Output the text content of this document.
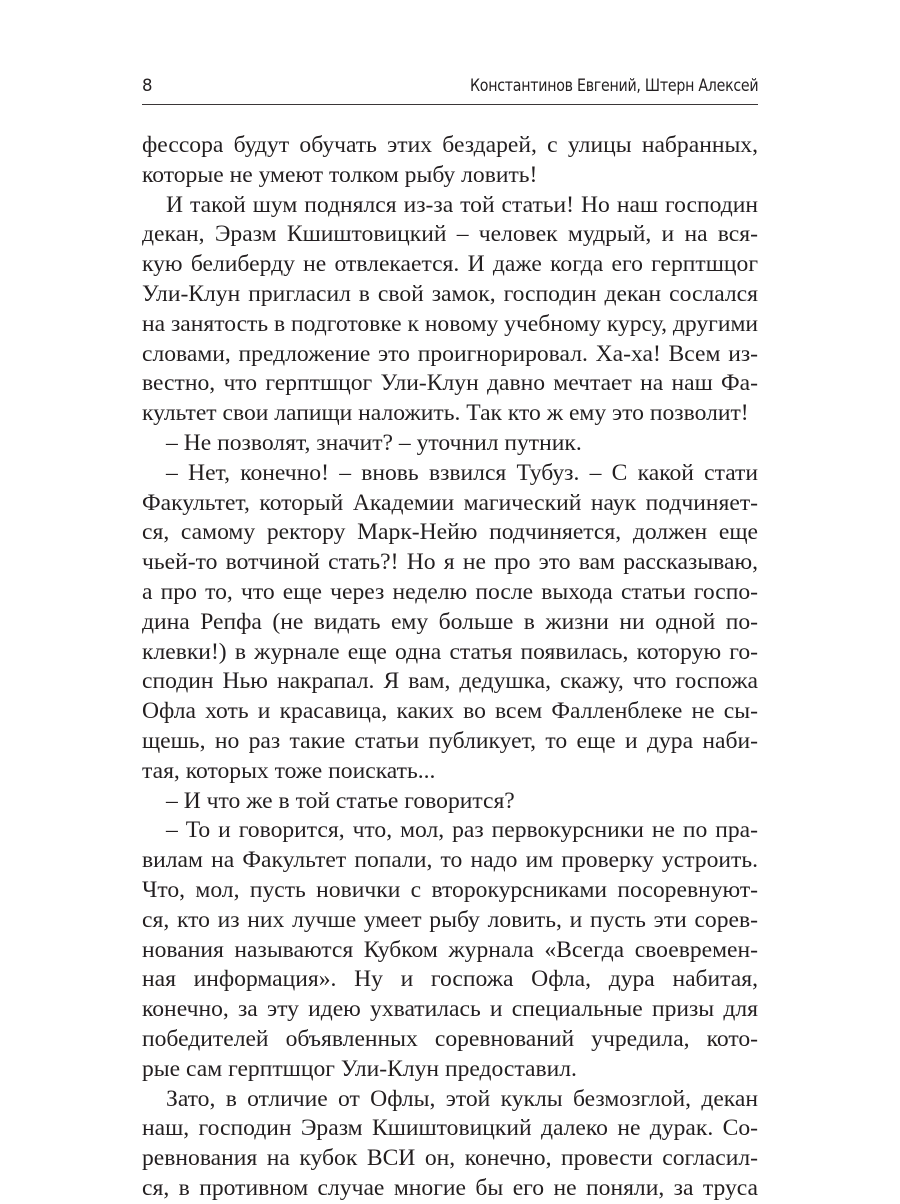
8	Константинов Евгений, Штерн Алексей
фессора будут обучать этих бездарей, с улицы набранных,
которые не умеют толком рыбу ловить!
И такой шум поднялся из-за той статьи! Но наш господин
декан, Эразм Кшиштовицкий – человек мудрый, и на вся-
кую белиберду не отвлекается. И даже когда его герптшцог
Ули-Клун пригласил в свой замок, господин декан сослался
на занятость в подготовке к новому учебному курсу, другими
словами, предложение это проигнорировал. Ха-ха! Всем из-
вестно, что герптшцог Ули-Клун давно мечтает на наш Фа-
культет свои лапищи наложить. Так кто ж ему это позволит!
– Не позволят, значит? – уточнил путник.
– Нет, конечно! – вновь взвился Тубуз. – С какой стати
Факультет, который Академии магический наук подчиняет-
ся, самому ректору Марк-Нейю подчиняется, должен еще
чьей-то вотчиной стать?! Но я не про это вам рассказываю,
а про то, что еще через неделю после выхода статьи госпо-
дина Репфа (не видать ему больше в жизни ни одной по-
клевки!) в журнале еще одна статья появилась, которую го-
сподин Нью накрапал. Я вам, дедушка, скажу, что госпожа
Офла хоть и красавица, каких во всем Фалленблеке не сы-
щешь, но раз такие статьи публикует, то еще и дура наби-
тая, которых тоже поискать...
– И что же в той статье говорится?
– То и говорится, что, мол, раз первокурсники не по пра-
вилам на Факультет попали, то надо им проверку устроить.
Что, мол, пусть новички с второкурсниками посоревнуют-
ся, кто из них лучше умеет рыбу ловить, и пусть эти сорев-
нования называются Кубком журнала «Всегда своевремен-
ная информация». Ну и госпожа Офла, дура набитая,
конечно, за эту идею ухватилась и специальные призы для
победителей объявленных соревнований учредила, кото-
рые сам герптшцог Ули-Клун предоставил.
Зато, в отличие от Офлы, этой куклы безмозглой, декан
наш, господин Эразм Кшиштовицкий далеко не дурак. Со-
ревнования на кубок ВСИ он, конечно, провести согласил-
ся, в противном случае многие бы его не поняли, за труса
